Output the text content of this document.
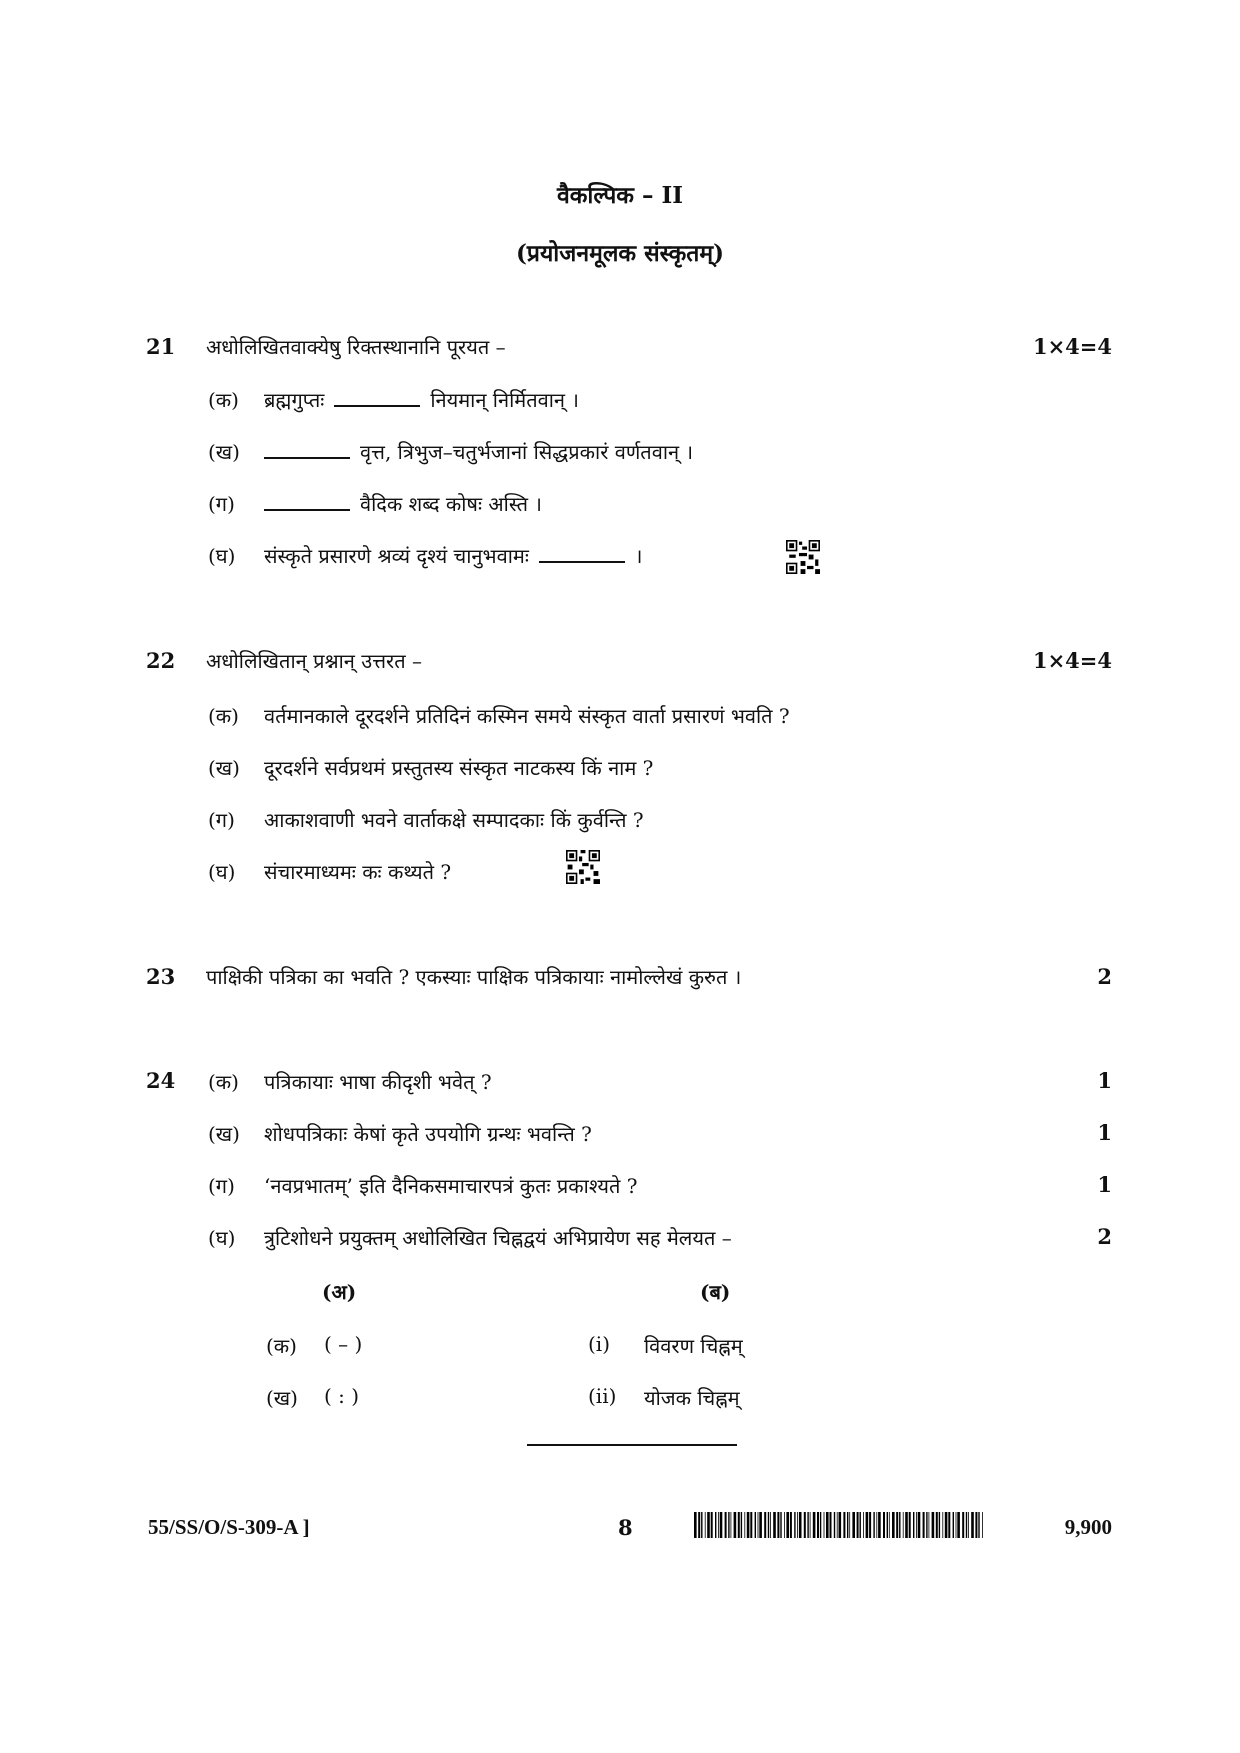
वैकल्पिक – II
(प्रयोजनमूलक संस्कृतम्)
21 अधोलिखितवाक्येषु रिक्तस्थानानि पूरयत –	1×4=4
(क) ब्रह्मगुप्तः	नियमान् निर्मितवान् ।
(ख)	वृत्त, त्रिभुज–चतुर्भजानां सिद्धप्रकारं वर्णतवान् ।
(ग)	वैदिक शब्द कोषः अस्ति ।
(घ) संस्कृते प्रसारणे श्रव्यं दृश्यं चानुभवामः	।
22 अधोलिखितान् प्रश्नान् उत्तरत –	1×4=4
(क) वर्तमानकाले दूरदर्शने प्रतिदिनं कस्मिन समये संस्कृत वार्ता प्रसारणं भवति ?
(ख) दूरदर्शने सर्वप्रथमं प्रस्तुतस्य संस्कृत नाटकस्य किं नाम ?
(ग) आकाशवाणी भवने वार्ताकक्षे सम्पादकाः किं कुर्वन्ति ?
(घ) संचारमाध्यमः कः कथ्यते ?
23 पाक्षिकी पत्रिका का भवति ? एकस्याः पाक्षिक पत्रिकायाः नामोल्लेखं कुरुत ।	2
24 (क) पत्रिकायाः भाषा कीदृशी भवेत् ?	1
(ख) शोधपत्रिकाः केषां कृते उपयोगि ग्रन्थः भवन्ति ?	1
(ग) ‘नवप्रभातम्’ इति दैनिकसमाचारपत्रं कुतः प्रकाश्यते ?	1
(घ) त्रुटिशोधने प्रयुक्तम् अधोलिखित चिह्नद्वयं अभिप्रायेण सह मेलयत –	2
(अ)	(ब)
(क) ( – )	(i) विवरण चिह्नम्
(ख) ( : )	(ii) योजक चिह्नम्
55/SS/O/S-309-A ]	8	9,900
